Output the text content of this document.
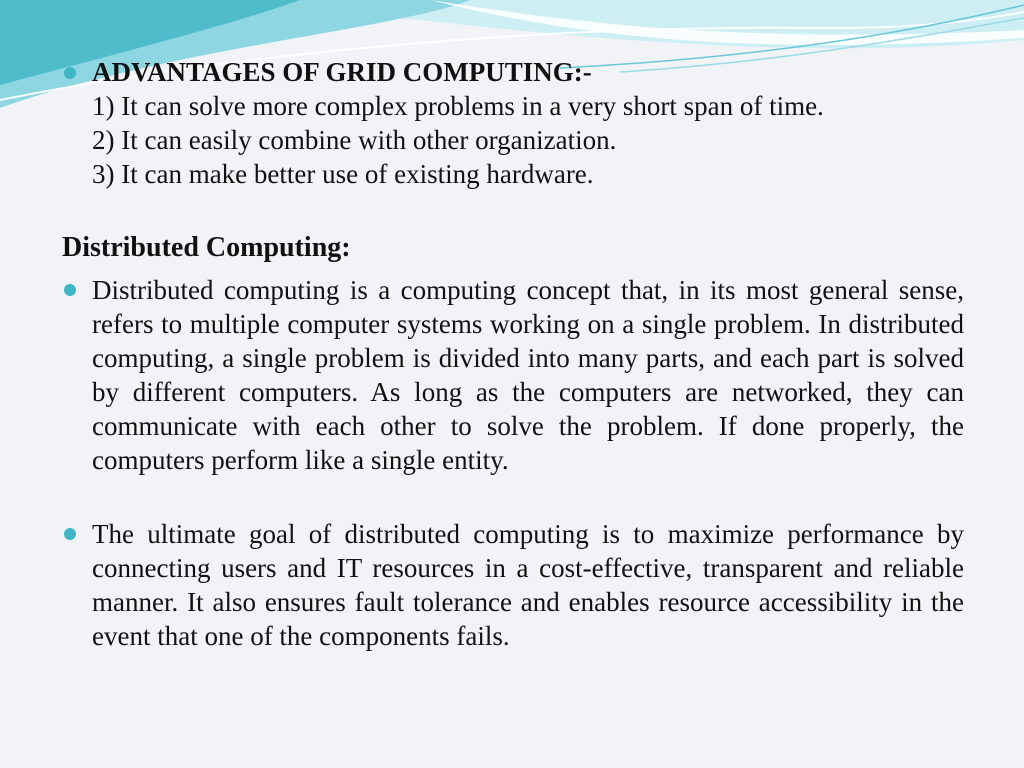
ADVANTAGES OF GRID COMPUTING:-
1) It can solve more complex problems in a very short span of time.
2) It can easily combine with other organization.
3) It can make better use of existing hardware.
Distributed Computing:
Distributed computing is a computing concept that, in its most general sense, refers to multiple computer systems working on a single problem. In distributed computing, a single problem is divided into many parts, and each part is solved by different computers. As long as the computers are networked, they can communicate with each other to solve the problem. If done properly, the computers perform like a single entity.
The ultimate goal of distributed computing is to maximize performance by connecting users and IT resources in a cost-effective, transparent and reliable manner. It also ensures fault tolerance and enables resource accessibility in the event that one of the components fails.
